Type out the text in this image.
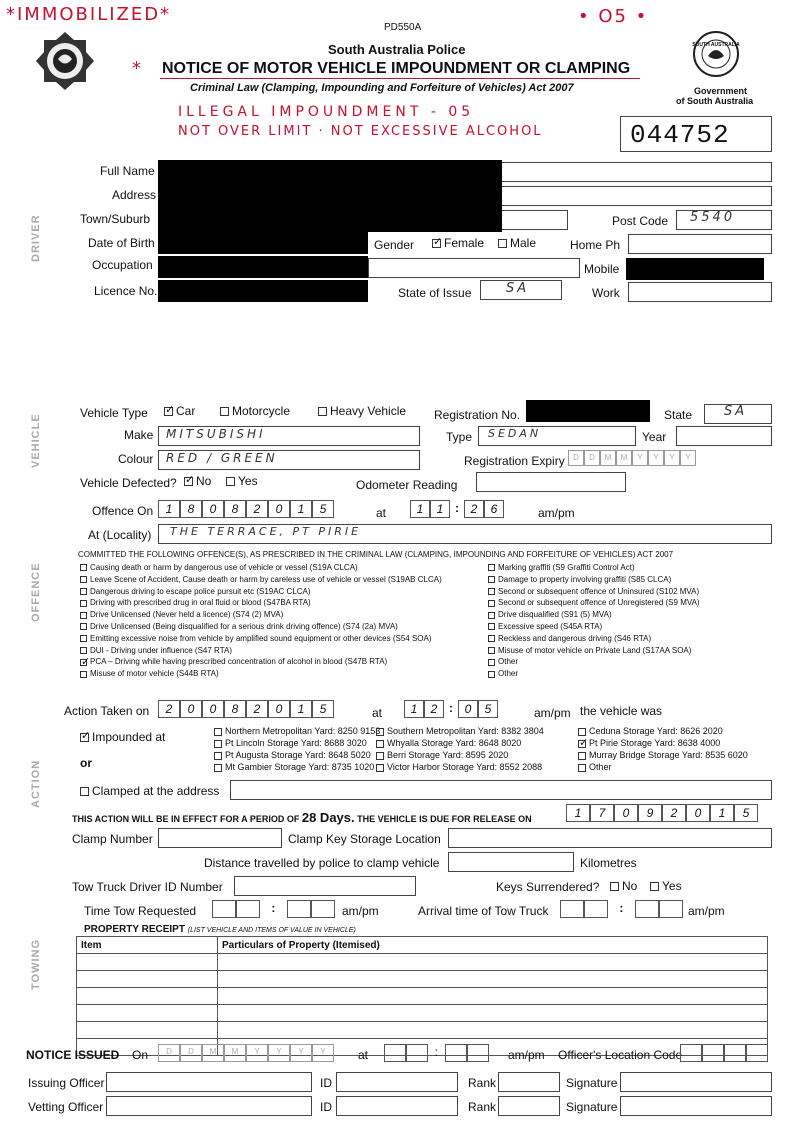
*IMMOBILIZED*	• O5 •
PD550A
South Australia Police
* NOTICE OF MOTOR VEHICLE IMPOUNDMENT OR CLAMPING
Criminal Law (Clamping, Impounding and Forfeiture of Vehicles) Act 2007
SOUTH AUSTRALIA
Government
of South Australia
ILLEGAL IMPOUNDMENT - 05
NOT OVER LIMIT · NOT EXCESSIVE ALCOHOL	044752
DRIVER
VEHICLE
OFFENCE
ACTION
TOWING
Full Name
Address
Town/Suburb	Post Code 5540
Date of Birth	Gender ✓	Female	Male	Home Ph
Occupation	Mobile
Licence No.	State of Issue	SA	Work
Vehicle Type ✓	Car	Motorcycle	Heavy Vehicle Registration No.	State SA
Make MITSUBISHI	Type SEDAN	Year
Colour RED / GREEN	Registration Expiry	D D M M Y Y Y Y
Vehicle Defected? ✓	No	Yes	Odometer Reading
Offence On	1 8 0 8 2 0 1 5	at	1 1 : 2 6	am/pm
At (Locality) THE TERRACE, PT PIRIE
COMMITTED THE FOLLOWING OFFENCE(S), AS PRESCRIBED IN THE CRIMINAL LAW (CLAMPING, IMPOUNDING AND FORFEITURE OF VEHICLES) ACT 2007
Causing death or harm by dangerous use of vehicle or vessel (S19A CLCA)
Leave Scene of Accident, Cause death or harm by careless use of vehicle or vessel (S19AB CLCA)
Dangerous driving to escape police pursuit etc (S19AC CLCA)
Driving with prescribed drug in oral fluid or blood (S47BA RTA)
Drive Unlicensed (Never held a licence) (S74 (2) MVA)
Drive Unlicensed (Being disqualified for a serious drink driving offence) (S74 (2a) MVA)
Emitting excessive noise from vehicle by amplified sound equipment or other devices (S54 SOA)
DUI - Driving under influence (S47 RTA)
✓PCA – Driving while having prescribed concentration of alcohol in blood (S47B RTA)
Misuse of motor vehicle (S44B RTA)
Marking graffiti (S9 Graffiti Control Act)
Damage to property involving graffiti (S85 CLCA)
Second or subsequent offence of Uninsured (S102 MVA)
Second or subsequent offence of Unregistered (S9 MVA)
Drive disqualified (S91 (5) MVA)
Excessive speed (S45A RTA)
Reckless and dangerous driving (S46 RTA)
Misuse of motor vehicle on Private Land (S17AA SOA)
Other
Other
Action Taken on	2 0 0 8 2 0 1 5	at	1 2 : 0 5	am/pm the vehicle was
✓Impounded at
or
Northern Metropolitan Yard: 8250 9153
Pt Lincoln Storage Yard: 8688 3020
Pt Augusta Storage Yard: 8648 5020
Mt Gambier Storage Yard: 8735 1020
Southern Metropolitan Yard: 8382 3804
Whyalla Storage Yard: 8648 8020
Berri Storage Yard: 8595 2020
Victor Harbor Storage Yard: 8552 2088
Ceduna Storage Yard: 8626 2020
✓Pt Pirie Storage Yard: 8638 4000
Murray Bridge Storage Yard: 8535 6020
Other
Clamped at the address
THIS ACTION WILL BE IN EFFECT FOR A PERIOD OF 28 Days. THE VEHICLE IS DUE FOR RELEASE ON	1 7 0 9 2 0 1 5
Clamp Number	Clamp Key Storage Location
Distance travelled by police to clamp vehicle	Kilometres
Tow Truck Driver ID Number	Keys Surrendered?	No	Yes
Time Tow Requested	:	am/pm	Arrival time of Tow Truck	:	am/pm
PROPERTY RECEIPT (LIST VEHICLE AND ITEMS OF VALUE IN VEHICLE)
Item	Particulars of Property (Itemised)

NOTICE ISSUED On	D D M M Y Y Y Y	at	:	am/pm Officer's Location Code
Issuing Officer	ID	Rank	Signature
Vetting Officer	ID	Rank	Signature
